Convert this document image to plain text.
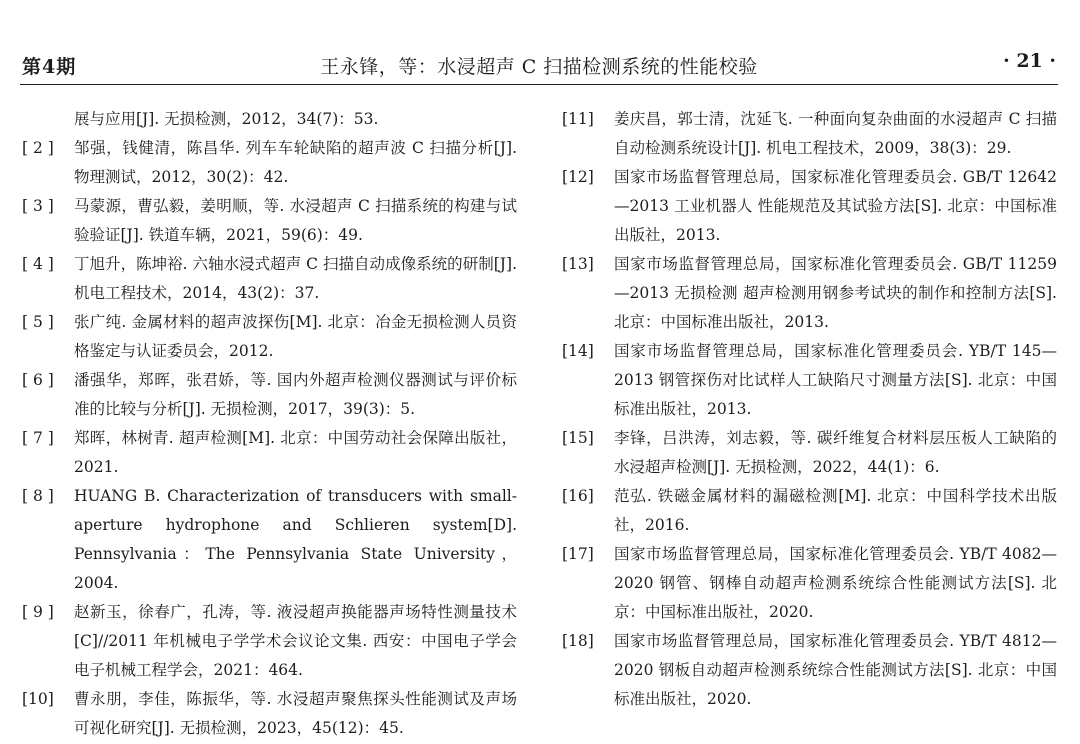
第4期	王永锋，等：水浸超声 C 扫描检测系统的性能校验	· 21 ·
展与应用[J]. 无损检测，2012，34(7)：53.
[ 2 ]	邹强，钱健清，陈昌华. 列车车轮缺陷的超声波 C 扫描分析[J]. 物理测试，2012，30(2)：42.
[ 3 ]	马蒙源，曹弘毅，姜明顺，等. 水浸超声 C 扫描系统的构建与试验验证[J]. 铁道车辆，2021，59(6)：49.
[ 4 ]	丁旭升，陈坤裕. 六轴水浸式超声 C 扫描自动成像系统的研制[J]. 机电工程技术，2014，43(2)：37.
[ 5 ]	张广纯. 金属材料的超声波探伤[M]. 北京：冶金无损检测人员资格鉴定与认证委员会，2012.
[ 6 ]	潘强华，郑晖，张君娇，等. 国内外超声检测仪器测试与评价标准的比较与分析[J]. 无损检测，2017，39(3)：5.
[ 7 ]	郑晖，林树青. 超声检测[M]. 北京：中国劳动社会保障出版社，2021.
[ 8 ]	HUANG B. Characterization of transducers with small-aperture hydrophone and Schlieren system[D]. Pennsylvania：The Pennsylvania State University，2004.
[ 9 ]	赵新玉，徐春广，孔涛，等. 液浸超声换能器声场特性测量技术[C]//2011 年机械电子学学术会议论文集. 西安：中国电子学会电子机械工程学会，2021：464.
[10]	曹永朋，李佳，陈振华，等. 水浸超声聚焦探头性能测试及声场可视化研究[J]. 无损检测，2023，45(12)：45.
[11]	姜庆昌，郭士清，沈延飞. 一种面向复杂曲面的水浸超声 C 扫描自动检测系统设计[J]. 机电工程技术，2009，38(3)：29.
[12]	国家市场监督管理总局，国家标准化管理委员会. GB/T 12642—2013 工业机器人 性能规范及其试验方法[S]. 北京：中国标准出版社，2013.
[13]	国家市场监督管理总局，国家标准化管理委员会. GB/T 11259—2013 无损检测 超声检测用钢参考试块的制作和控制方法[S]. 北京：中国标准出版社，2013.
[14]	国家市场监督管理总局，国家标准化管理委员会. YB/T 145—2013 钢管探伤对比试样人工缺陷尺寸测量方法[S]. 北京：中国标准出版社，2013.
[15]	李锋，吕洪涛，刘志毅，等. 碳纤维复合材料层压板人工缺陷的水浸超声检测[J]. 无损检测，2022，44(1)：6.
[16]	范弘. 铁磁金属材料的漏磁检测[M]. 北京：中国科学技术出版社，2016.
[17]	国家市场监督管理总局，国家标准化管理委员会. YB/T 4082—2020 钢管、钢棒自动超声检测系统综合性能测试方法[S]. 北京：中国标准出版社，2020.
[18]	国家市场监督管理总局，国家标准化管理委员会. YB/T 4812—2020 钢板自动超声检测系统综合性能测试方法[S]. 北京：中国标准出版社，2020.
